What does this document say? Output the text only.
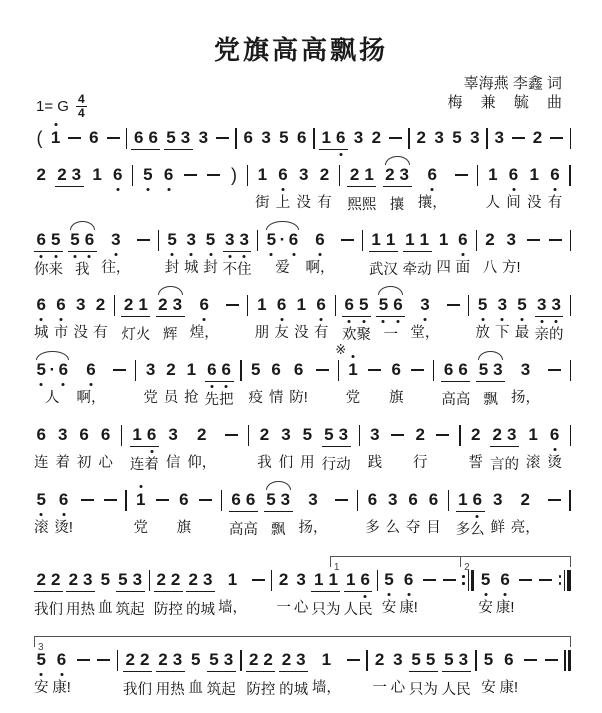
党旗高高飘扬
辜海燕 李鑫 词
梅 兼 毓 曲
1= G $\frac{4}{4}$
( 1 6 6 6 5 3 3 6 3 5 6 1 6 3 2 2 3 5 3 3 2
2 2 3 1 6 5 6	) 1
街
6
上
3
没
2
有
2 1
熙 熙
2 3
攘
6
攘，
1
人
6
间
1
没
6
有
6 5
你 来
5 6
我
3
往，
5
封
3
城
5
封
3 3
不 住
5 · 6
爱
6
啊，
1 1
武 汉
1 1
牵 动
1
四
6
面
2
八
3
方!
6
城
6
市
3
没
2
有
2 1
灯 火
2 3
辉
6
煌，
1
朋
6
友
1
没
6
有
6 5
欢 聚
5 6
一
3
堂，
5
放
3
下
5
最
3 3
亲 的
※
5 · 6
人
6
啊，
3
党
2
员
1
抢
6 6
先 把
5
疫
6
情
6
防!
1
党
6
旗
6 6
高 高
5 3
飘
3
扬，
6
连
3
着
6
初
6
心
1 6
连 着
3
信
2
仰，
2
我
3
们
5
用
5 3
行 动
3
践
2
行
2
誓
2 3
言 的
1
滚
6
烫
5
滚
6
烫!
1
党
6
旗
6 6
高 高
5 3
飘
3
扬，
6
多
3
么
6
夺
6
目
1 6
多 么
3
鲜
2
亮，
1	2
2 2
我 们
2 3
用 热
5
血
5 3
筑 起
2 2
防 控
2 3
的 城
1
墙，
2
一
3
心
1 1
只 为
1 6
人 民
5
安
6
康!
5
安
6
康!
3
5
安
6
康!
2 2
我 们
2 3
用 热
5
血
5 3
筑 起
2 2
防 控
2 3
的 城
1
墙，
2
一
3
心
5 5
只 为
5 3
人 民
5
安
6
康!
